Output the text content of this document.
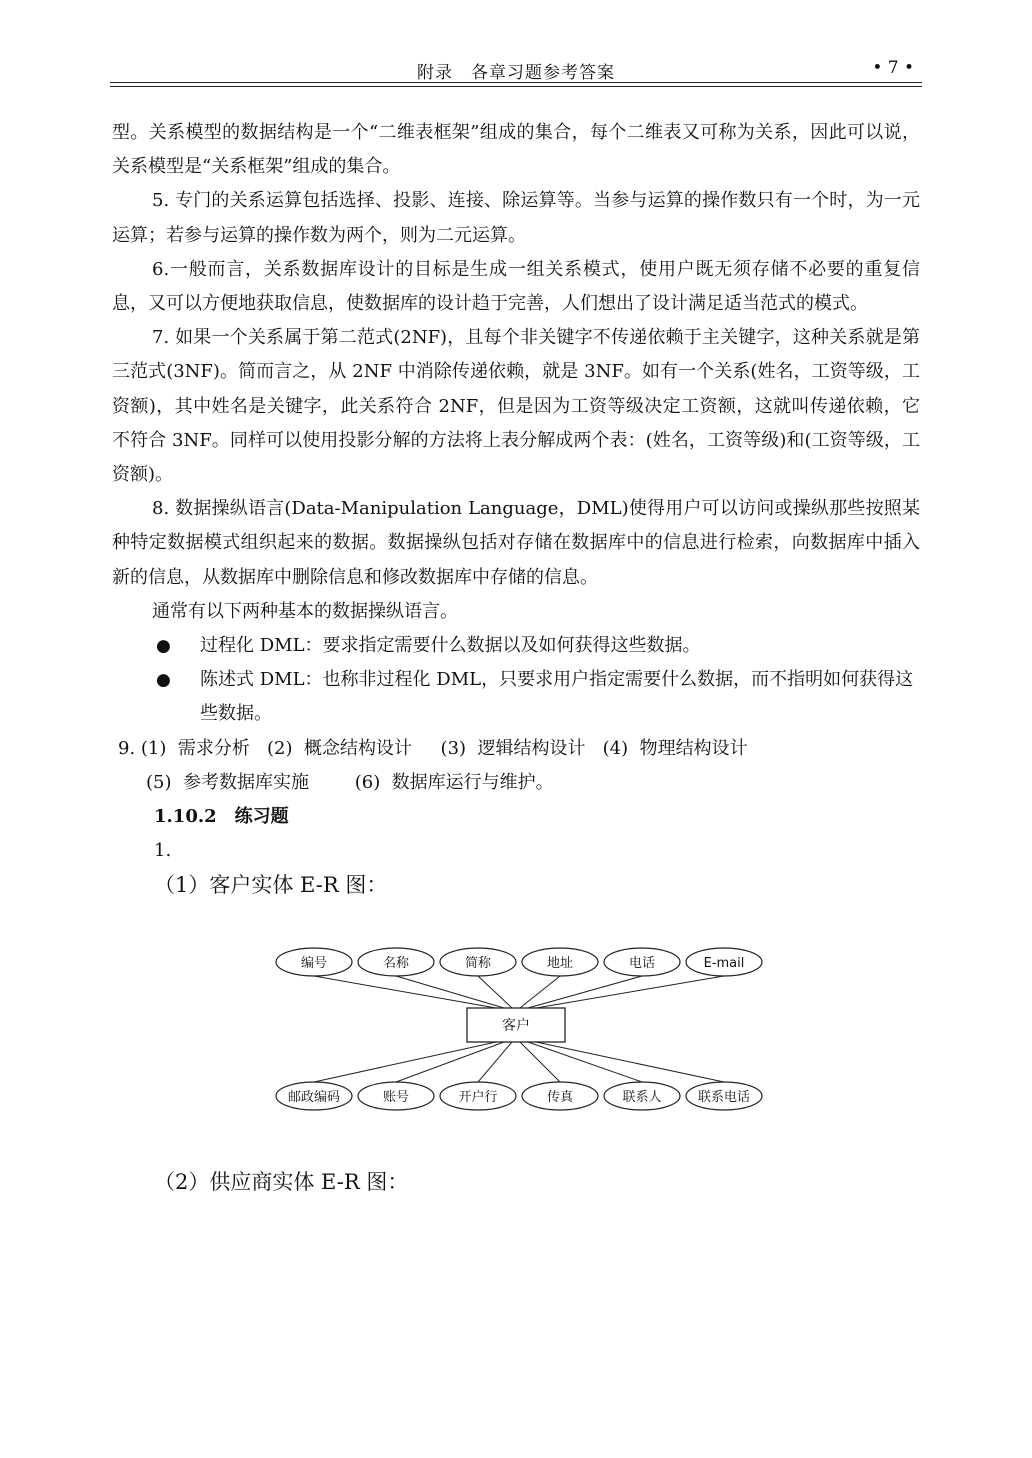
附录　各章习题参考答案	• 7 •

型。关系模型的数据结构是一个“二维表框架”组成的集合，每个二维表又可称为关系，因此可以说，关系模型是“关系框架”组成的集合。

5. 专门的关系运算包括选择、投影、连接、除运算等。当参与运算的操作数只有一个时，为一元运算；若参与运算的操作数为两个，则为二元运算。

6.一般而言，关系数据库设计的目标是生成一组关系模式，使用户既无须存储不必要的重复信息，又可以方便地获取信息，使数据库的设计趋于完善，人们想出了设计满足适当范式的模式。

7. 如果一个关系属于第二范式(2NF)，且每个非关键字不传递依赖于主关键字，这种关系就是第三范式(3NF)。简而言之，从 2NF 中消除传递依赖，就是 3NF。如有一个关系(姓名，工资等级，工资额)，其中姓名是关键字，此关系符合 2NF，但是因为工资等级决定工资额，这就叫传递依赖，它不符合 3NF。同样可以使用投影分解的方法将上表分解成两个表：(姓名，工资等级)和(工资等级，工资额)。

8. 数据操纵语言(Data-Manipulation Language，DML)使得用户可以访问或操纵那些按照某种特定数据模式组织起来的数据。数据操纵包括对存储在数据库中的信息进行检索，向数据库中插入新的信息，从数据库中删除信息和修改数据库中存储的信息。

通常有以下两种基本的数据操纵语言。

● 过程化 DML：要求指定需要什么数据以及如何获得这些数据。

● 陈述式 DML：也称非过程化 DML，只要求用户指定需要什么数据，而不指明如何获得这些数据。

9. (1)  需求分析   (2)  概念结构设计     (3)  逻辑结构设计   (4)  物理结构设计

(5)  参考数据库实施        (6)  数据库运行与维护。

1.10.2 练习题

1.

（1）客户实体 E-R 图：

编号	名称	简称	地址	电话	E-mail
邮政编码	账号	开户行	传真	联系人	联系电话
客户
（2）供应商实体 E-R 图：
